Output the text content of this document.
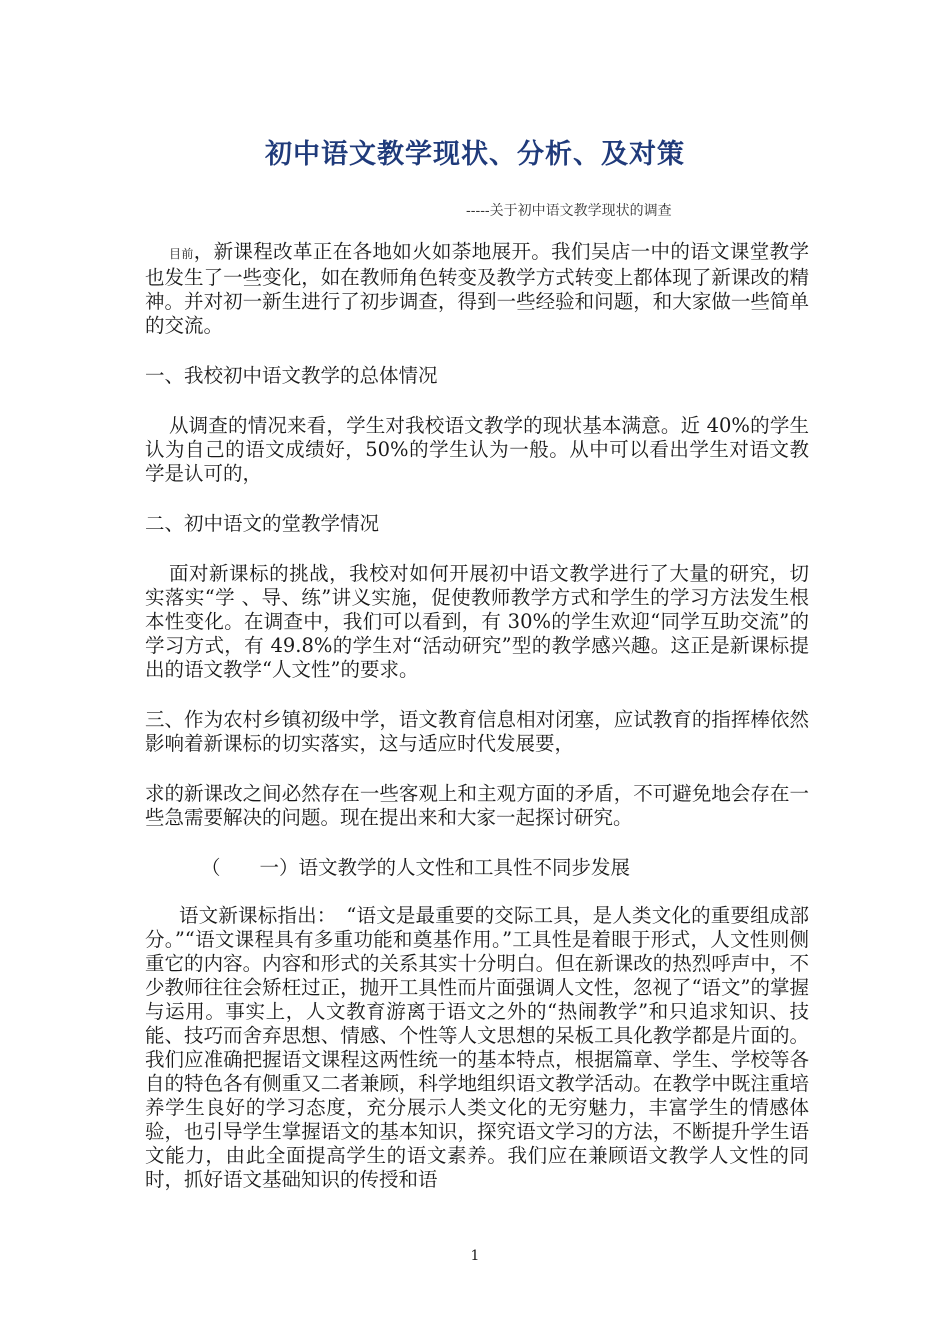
初中语文教学现状、分析、及对策
-----关于初中语文教学现状的调查

目前，新课程改革正在各地如火如荼地展开。我们吴店一中的语文课堂教学也发生了一些变化，如在教师角色转变及教学方式转变上都体现了新课改的精神。并对初一新生进行了初步调查，得到一些经验和问题，和大家做一些简单的交流。

一、我校初中语文教学的总体情况

从调查的情况来看，学生对我校语文教学的现状基本满意。近 40%的学生认为自己的语文成绩好，50%的学生认为一般。从中可以看出学生对语文教学是认可的，

二、初中语文的堂教学情况

面对新课标的挑战，我校对如何开展初中语文教学进行了大量的研究，切实落实“学 、导、练”讲义实施，促使教师教学方式和学生的学习方法发生根本性变化。在调查中，我们可以看到，有 30%的学生欢迎“同学互助交流”的学习方式，有 49.8%的学生对“活动研究”型的教学感兴趣。这正是新课标提出的语文教学“人文性”的要求。

三、作为农村乡镇初级中学，语文教育信息相对闭塞，应试教育的指挥棒依然影响着新课标的切实落实，这与适应时代发展要，

求的新课改之间必然存在一些客观上和主观方面的矛盾，不可避免地会存在一些急需要解决的问题。现在提出来和大家一起探讨研究。

（　　一）语文教学的人文性和工具性不同步发展

语文新课标指出：　“语文是最重要的交际工具，是人类文化的重要组成部分。”“语文课程具有多重功能和奠基作用。”工具性是着眼于形式，人文性则侧重它的内容。内容和形式的关系其实十分明白。但在新课改的热烈呼声中，不少教师往往会矫枉过正，抛开工具性而片面强调人文性，忽视了“语文”的掌握与运用。事实上，人文教育游离于语文之外的“热闹教学”和只追求知识、技能、技巧而舍弃思想、情感、个性等人文思想的呆板工具化教学都是片面的。我们应准确把握语文课程这两性统一的基本特点，根据篇章、学生、学校等各自的特色各有侧重又二者兼顾，科学地组织语文教学活动。在教学中既注重培养学生良好的学习态度，充分展示人类文化的无穷魅力，丰富学生的情感体验，也引导学生掌握语文的基本知识，探究语文学习的方法，不断提升学生语文能力，由此全面提高学生的语文素养。我们应在兼顾语文教学人文性的同时，抓好语文基础知识的传授和语

1
